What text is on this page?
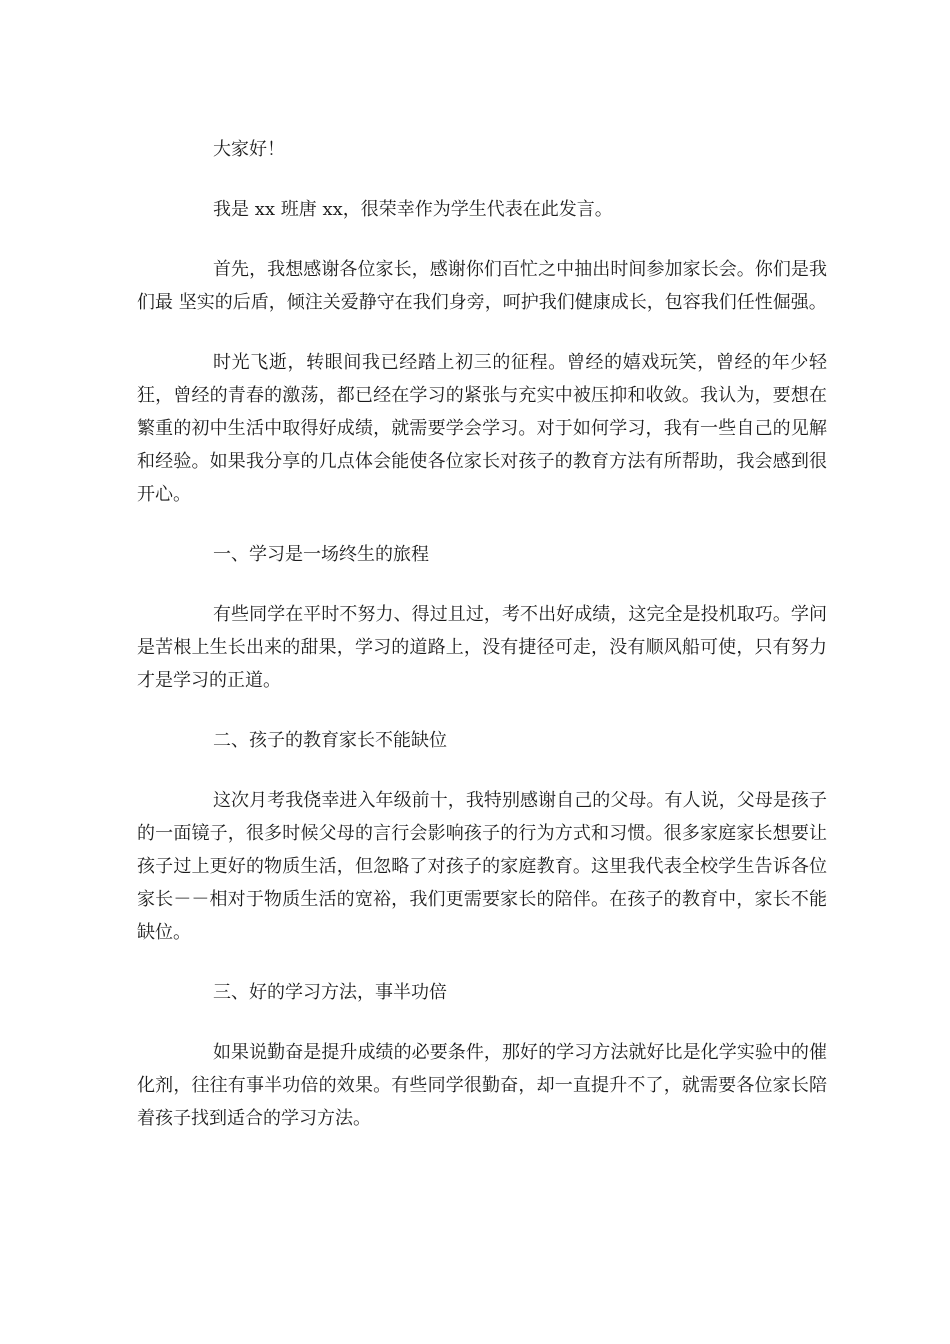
大家好！

我是 xx 班唐 xx，很荣幸作为学生代表在此发言。

首先，我想感谢各位家长，感谢你们百忙之中抽出时间参加家长会。你们是我们最 坚实的后盾，倾注关爱静守在我们身旁，呵护我们健康成长，包容我们任性倔强。

时光飞逝，转眼间我已经踏上初三的征程。曾经的嬉戏玩笑，曾经的年少轻狂，曾经的青春的激荡，都已经在学习的紧张与充实中被压抑和收敛。我认为，要想在繁重的初中生活中取得好成绩，就需要学会学习。对于如何学习，我有一些自己的见解和经验。如果我分享的几点体会能使各位家长对孩子的教育方法有所帮助，我会感到很开心。

一、学习是一场终生的旅程

有些同学在平时不努力、得过且过，考不出好成绩，这完全是投机取巧。学问是苦根上生长出来的甜果，学习的道路上，没有捷径可走，没有顺风船可使，只有努力才是学习的正道。

二、孩子的教育家长不能缺位

这次月考我侥幸进入年级前十，我特别感谢自己的父母。有人说，父母是孩子的一面镜子，很多时候父母的言行会影响孩子的行为方式和习惯。很多家庭家长想要让孩子过上更好的物质生活，但忽略了对孩子的家庭教育。这里我代表全校学生告诉各位家长－－相对于物质生活的宽裕，我们更需要家长的陪伴。在孩子的教育中，家长不能缺位。

三、好的学习方法，事半功倍

如果说勤奋是提升成绩的必要条件，那好的学习方法就好比是化学实验中的催化剂，往往有事半功倍的效果。有些同学很勤奋，却一直提升不了，就需要各位家长陪着孩子找到适合的学习方法。
